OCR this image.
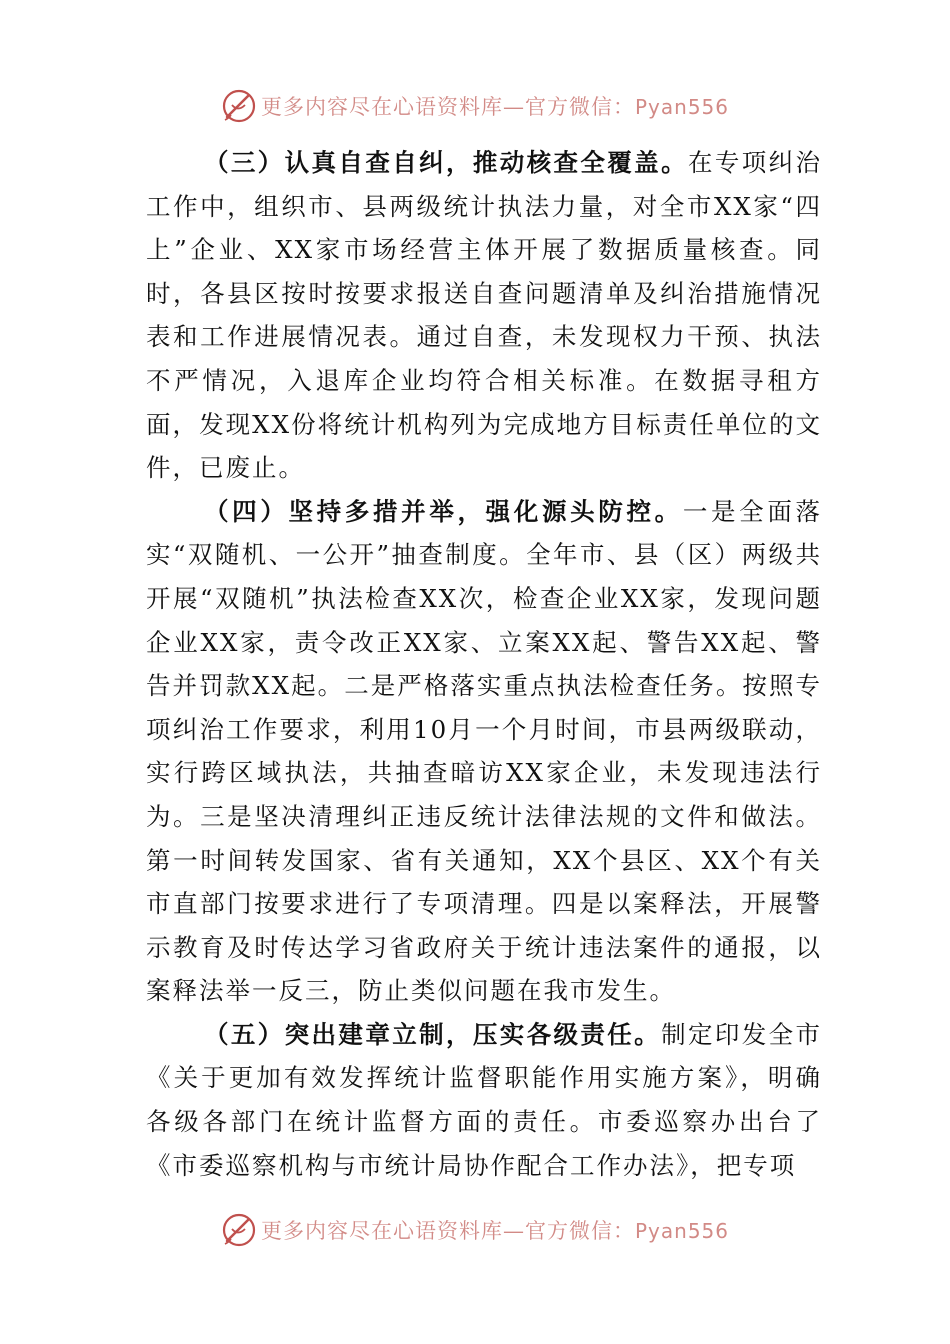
更多内容尽在心语资料库—官方微信：Pyan556

（三）认真自查自纠，推动核查全覆盖。在专项纠治工作中，组织市、县两级统计执法力量，对全市XX家“四上”企业、XX家市场经营主体开展了数据质量核查。同时，各县区按时按要求报送自查问题清单及纠治措施情况表和工作进展情况表。通过自查，未发现权力干预、执法不严情况，入退库企业均符合相关标准。在数据寻租方面，发现XX份将统计机构列为完成地方目标责任单位的文件，已废止。

（四）坚持多措并举，强化源头防控。一是全面落实“双随机、一公开”抽查制度。全年市、县（区）两级共开展“双随机”执法检查XX次，检查企业XX家，发现问题企业XX家，责令改正XX家、立案XX起、警告XX起、警告并罚款XX起。二是严格落实重点执法检查任务。按照专项纠治工作要求，利用10月一个月时间，市县两级联动，实行跨区域执法，共抽查暗访XX家企业，未发现违法行为。三是坚决清理纠正违反统计法律法规的文件和做法。第一时间转发国家、省有关通知，XX个县区、XX个有关市直部门按要求进行了专项清理。四是以案释法，开展警示教育及时传达学习省政府关于统计违法案件的通报，以案释法举一反三，防止类似问题在我市发生。

（五）突出建章立制，压实各级责任。制定印发全市《关于更加有效发挥统计监督职能作用实施方案》，明确各级各部门在统计监督方面的责任。市委巡察办出台了《市委巡察机构与市统计局协作配合工作办法》，把专项

更多内容尽在心语资料库—官方微信：Pyan556
